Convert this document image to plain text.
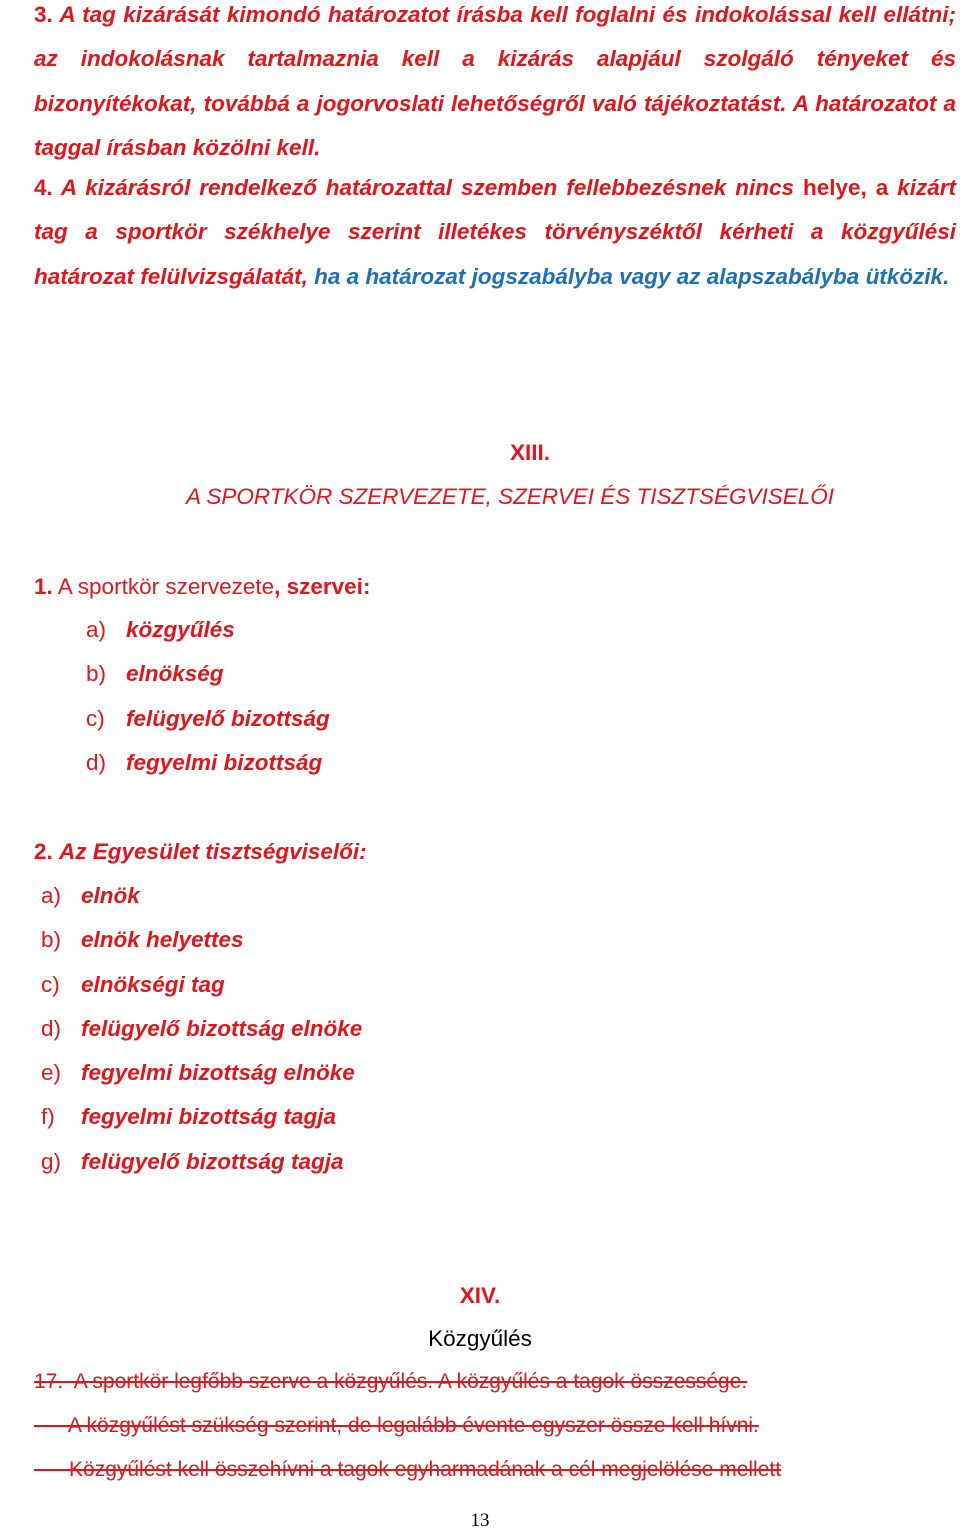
3. A tag kizárását kimondó határozatot írásba kell foglalni és indokolással kell ellátni; az indokolásnak tartalmaznia kell a kizárás alapjául szolgáló tényeket és bizonyítékokat, továbbá a jogorvoslati lehetőségről való tájékoztatást. A határozatot a taggal írásban közölni kell.
4. A kizárásról rendelkező határozattal szemben fellebbezésnek nincs helye, a kizárt tag a sportkör székhelye szerint illetékes törvényszéktől kérheti a közgyűlési határozat felülvizsgálatát, ha a határozat jogszabályba vagy az alapszabályba ütközik.
XIII.
A SPORTKÖR SZERVEZETE, SZERVEI ÉS TISZTSÉGVISELŐI
1. A sportkör szervezete, szervei:
a) közgyűlés
b) elnökség
c) felügyelő bizottság
d) fegyelmi bizottság
2. Az Egyesület tisztségviselői:
a) elnök
b) elnök helyettes
c) elnökségi tag
d) felügyelő bizottság elnöke
e) fegyelmi bizottság elnöke
f) fegyelmi bizottság tagja
g) felügyelő bizottság tagja
XIV.
Közgyűlés
17.  A sportkör legfőbb szerve a közgyűlés. A közgyűlés a tagok összessége.
A közgyűlést szükség szerint, de legalább évente egyszer össze kell hívni.
Közgyűlést kell összehívni a tagok egyharmadának a cél megjelölése mellett
13
